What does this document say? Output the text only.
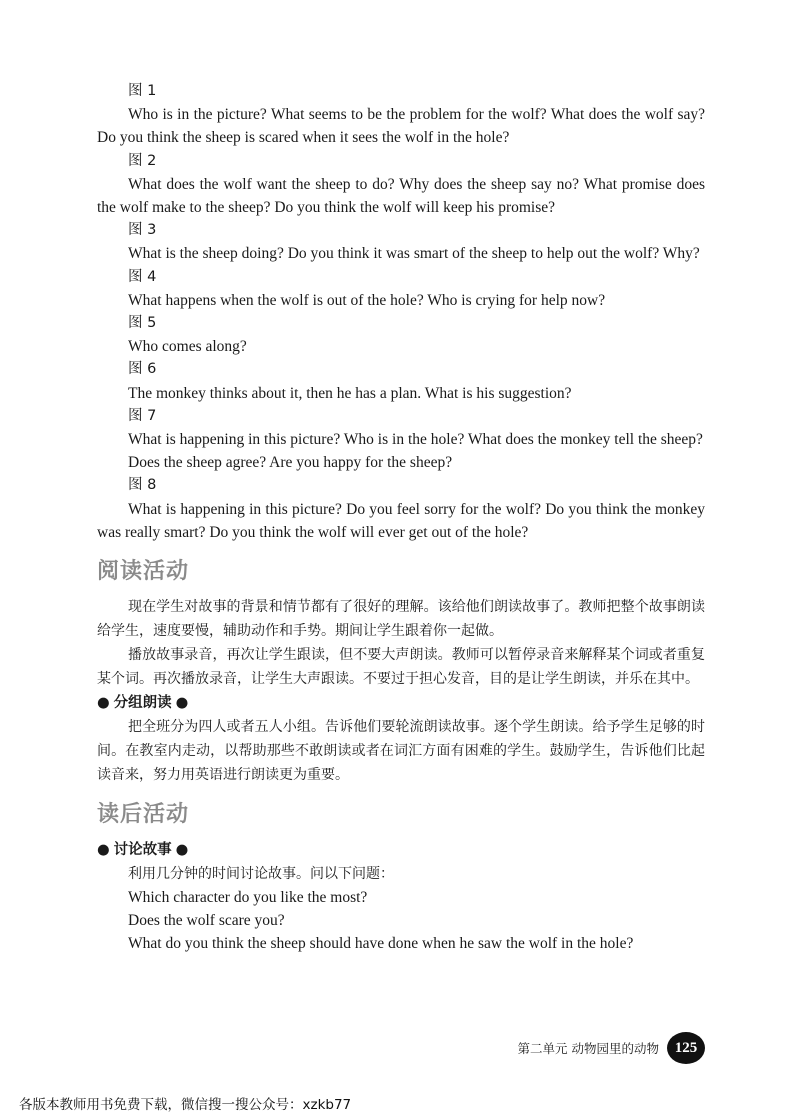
图 1
Who is in the picture? What seems to be the problem for the wolf? What does the wolf say? Do you think the sheep is scared when it sees the wolf in the hole?
图 2
What does the wolf want the sheep to do? Why does the sheep say no? What promise does the wolf make to the sheep? Do you think the wolf will keep his promise?
图 3
What is the sheep doing? Do you think it was smart of the sheep to help out the wolf? Why?
图 4
What happens when the wolf is out of the hole? Who is crying for help now?
图 5
Who comes along?
图 6
The monkey thinks about it, then he has a plan. What is his suggestion?
图 7
What is happening in this picture? Who is in the hole? What does the monkey tell the sheep?
Does the sheep agree? Are you happy for the sheep?
图 8
What is happening in this picture? Do you feel sorry for the wolf? Do you think the monkey was really smart? Do you think the wolf will ever get out of the hole?
阅读活动
现在学生对故事的背景和情节都有了很好的理解。该给他们朗读故事了。教师把整个故事朗读给学生，速度要慢，辅助动作和手势。期间让学生跟着你一起做。
播放故事录音，再次让学生跟读，但不要大声朗读。教师可以暂停录音来解释某个词或者重复某个词。再次播放录音，让学生大声跟读。不要过于担心发音，目的是让学生朗读，并乐在其中。
● 分组朗读 ●
把全班分为四人或者五人小组。告诉他们要轮流朗读故事。逐个学生朗读。给予学生足够的时间。在教室内走动，以帮助那些不敢朗读或者在词汇方面有困难的学生。鼓励学生，告诉他们比起读音来，努力用英语进行朗读更为重要。
读后活动
● 讨论故事 ●
利用几分钟的时间讨论故事。问以下问题：
Which character do you like the most?
Does the wolf scare you?
What do you think the sheep should have done when he saw the wolf in the hole?
第二单元 动物园里的动物	125
各版本教师用书免费下载，微信搜一搜公众号：xzkb77
